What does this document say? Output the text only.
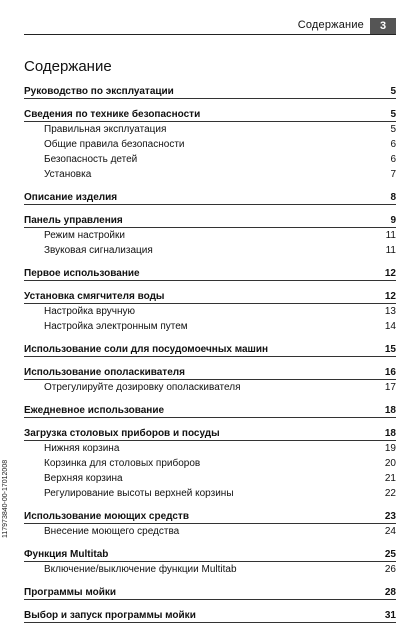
Содержание	3
Содержание
Руководство по эксплуатации	5
Сведения по технике безопасности	5
Правильная эксплуатация	5
Общие правила безопасности	6
Безопасность детей	6
Установка	7
Описание изделия	8
Панель управления	9
Режим настройки	11
Звуковая сигнализация	11
Первое использование	12
Установка смягчителя воды	12
Настройка вручную	13
Настройка электронным путем	14
Использование соли для посудомоечных машин	15
Использование ополаскивателя	16
Отрегулируйте дозировку ополаскивателя	17
Ежедневное использование	18
Загрузка столовых приборов и посуды	18
Нижняя корзина	19
Корзинка для столовых приборов	20
Верхняя корзина	21
Регулирование высоты верхней корзины	22
Использование моющих средств	23
Внесение моющего средства	24
Функция Multitab	25
Включение/выключение функции Multitab	26
Программы мойки	28
Выбор и запуск программы мойки	31
117973840-00-17012008
